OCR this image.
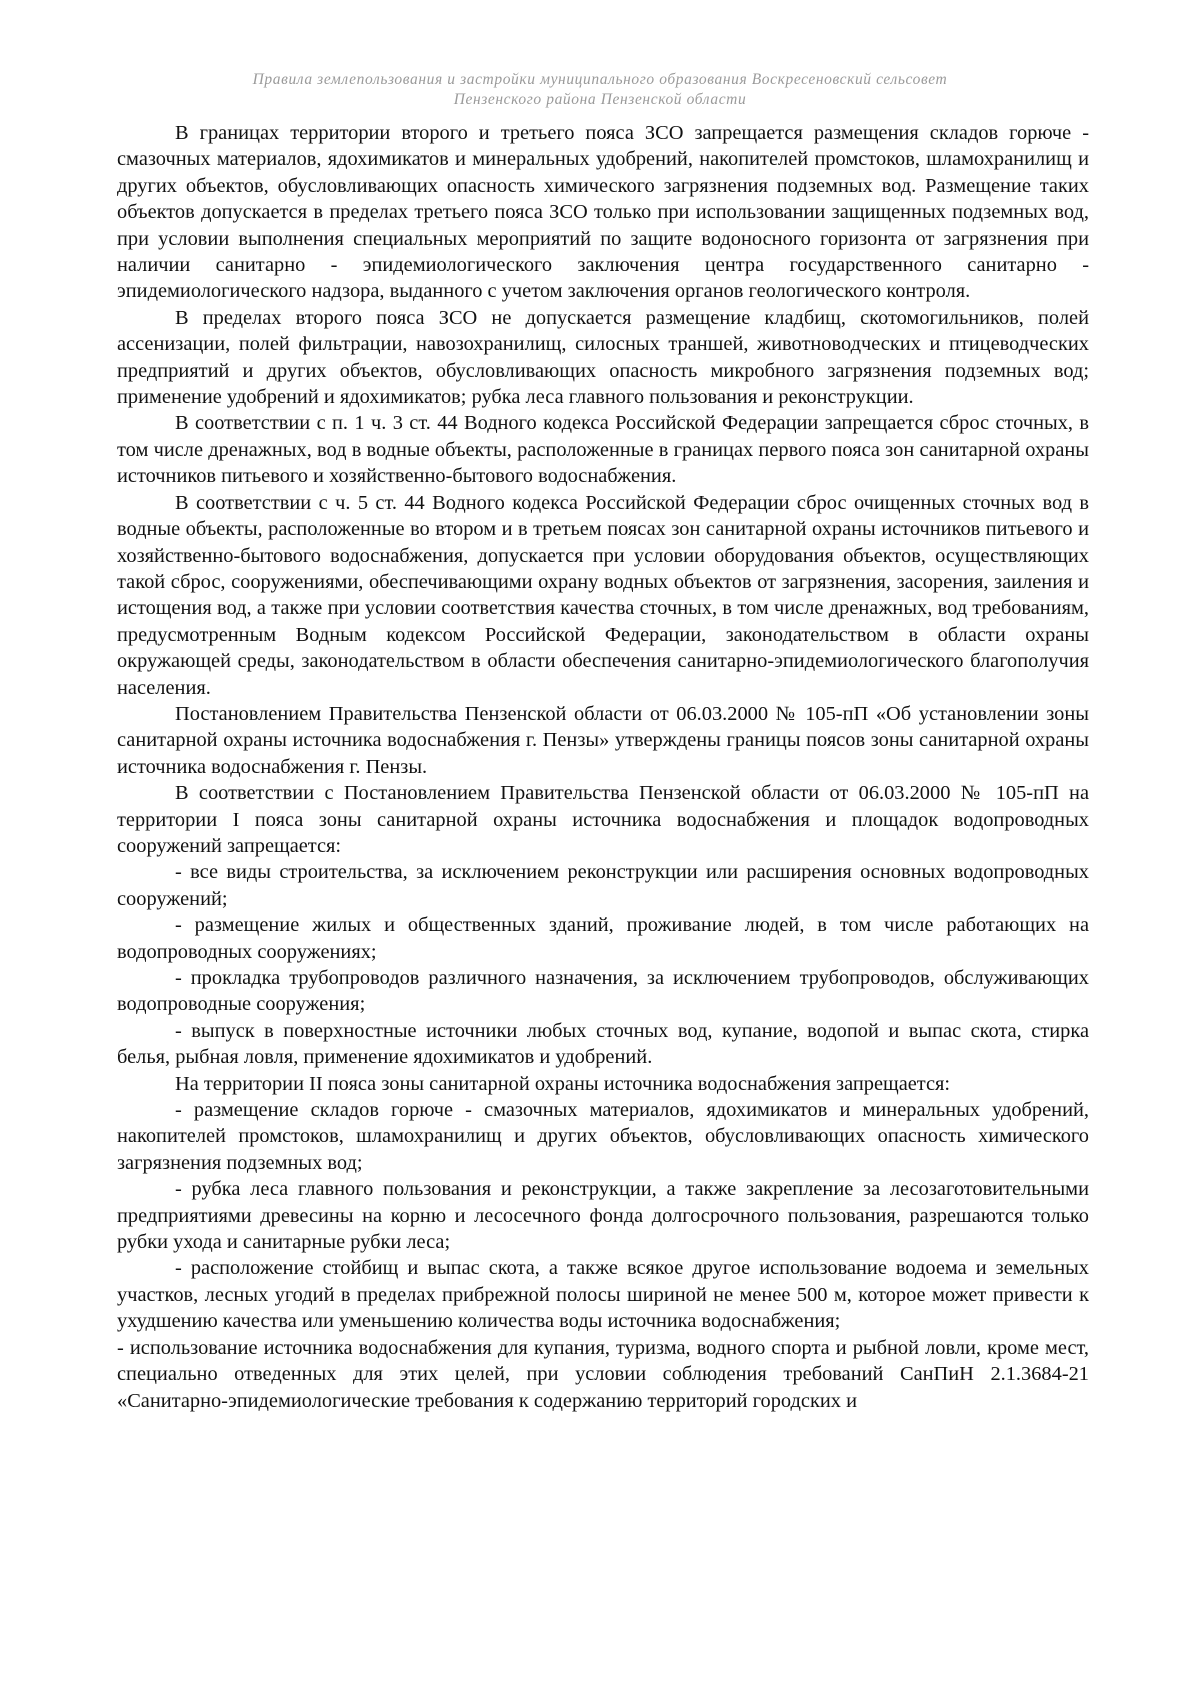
Правила землепользования и застройки муниципального образования Воскресеновский сельсовет
Пензенского района Пензенской области

В границах территории второго и третьего пояса ЗСО запрещается размещения складов горюче - смазочных материалов, ядохимикатов и минеральных удобрений, накопителей промстоков, шламохранилищ и других объектов, обусловливающих опасность химического загрязнения подземных вод. Размещение таких объектов допускается в пределах третьего пояса ЗСО только при использовании защищенных подземных вод, при условии выполнения специальных мероприятий по защите водоносного горизонта от загрязнения при наличии санитарно - эпидемиологического заключения центра государственного санитарно - эпидемиологического надзора, выданного с учетом заключения органов геологического контроля.

В пределах второго пояса ЗСО не допускается размещение кладбищ, скотомогильников, полей ассенизации, полей фильтрации, навозохранилищ, силосных траншей, животноводческих и птицеводческих предприятий и других объектов, обусловливающих опасность микробного загрязнения подземных вод; применение удобрений и ядохимикатов; рубка леса главного пользования и реконструкции.

В соответствии с п. 1 ч. 3 ст. 44 Водного кодекса Российской Федерации запрещается сброс сточных, в том числе дренажных, вод в водные объекты, расположенные в границах первого пояса зон санитарной охраны источников питьевого и хозяйственно-бытового водоснабжения.

В соответствии с ч. 5 ст. 44 Водного кодекса Российской Федерации сброс очищенных сточных вод в водные объекты, расположенные во втором и в третьем поясах зон санитарной охраны источников питьевого и хозяйственно-бытового водоснабжения, допускается при условии оборудования объектов, осуществляющих такой сброс, сооружениями, обеспечивающими охрану водных объектов от загрязнения, засорения, заиления и истощения вод, а также при условии соответствия качества сточных, в том числе дренажных, вод требованиям, предусмотренным Водным кодексом Российской Федерации, законодательством в области охраны окружающей среды, законодательством в области обеспечения санитарно-эпидемиологического благополучия населения.

Постановлением Правительства Пензенской области от 06.03.2000 № 105-пП «Об установлении зоны санитарной охраны источника водоснабжения г. Пензы» утверждены границы поясов зоны санитарной охраны источника водоснабжения г. Пензы.

В соответствии с Постановлением Правительства Пензенской области от 06.03.2000 № 105-пП на территории I пояса зоны санитарной охраны источника водоснабжения и площадок водопроводных сооружений запрещается:

- все виды строительства, за исключением реконструкции или расширения основных водопроводных сооружений;

- размещение жилых и общественных зданий, проживание людей, в том числе работающих на водопроводных сооружениях;

- прокладка трубопроводов различного назначения, за исключением трубопроводов, обслуживающих водопроводные сооружения;

- выпуск в поверхностные источники любых сточных вод, купание, водопой и выпас скота, стирка белья, рыбная ловля, применение ядохимикатов и удобрений.

На территории II пояса зоны санитарной охраны источника водоснабжения запрещается:

- размещение складов горюче - смазочных материалов, ядохимикатов и минеральных удобрений, накопителей промстоков, шламохранилищ и других объектов, обусловливающих опасность химического загрязнения подземных вод;

- рубка леса главного пользования и реконструкции, а также закрепление за лесозаготовительными предприятиями древесины на корню и лесосечного фонда долгосрочного пользования, разрешаются только рубки ухода и санитарные рубки леса;

- расположение стойбищ и выпас скота, а также всякое другое использование водоема и земельных участков, лесных угодий в пределах прибрежной полосы шириной не менее 500 м, которое может привести к ухудшению качества или уменьшению количества воды источника водоснабжения;

- использование источника водоснабжения для купания, туризма, водного спорта и рыбной ловли, кроме мест, специально отведенных для этих целей, при условии соблюдения требований СанПиН 2.1.3684-21 «Санитарно-эпидемиологические требования к содержанию территорий городских и
